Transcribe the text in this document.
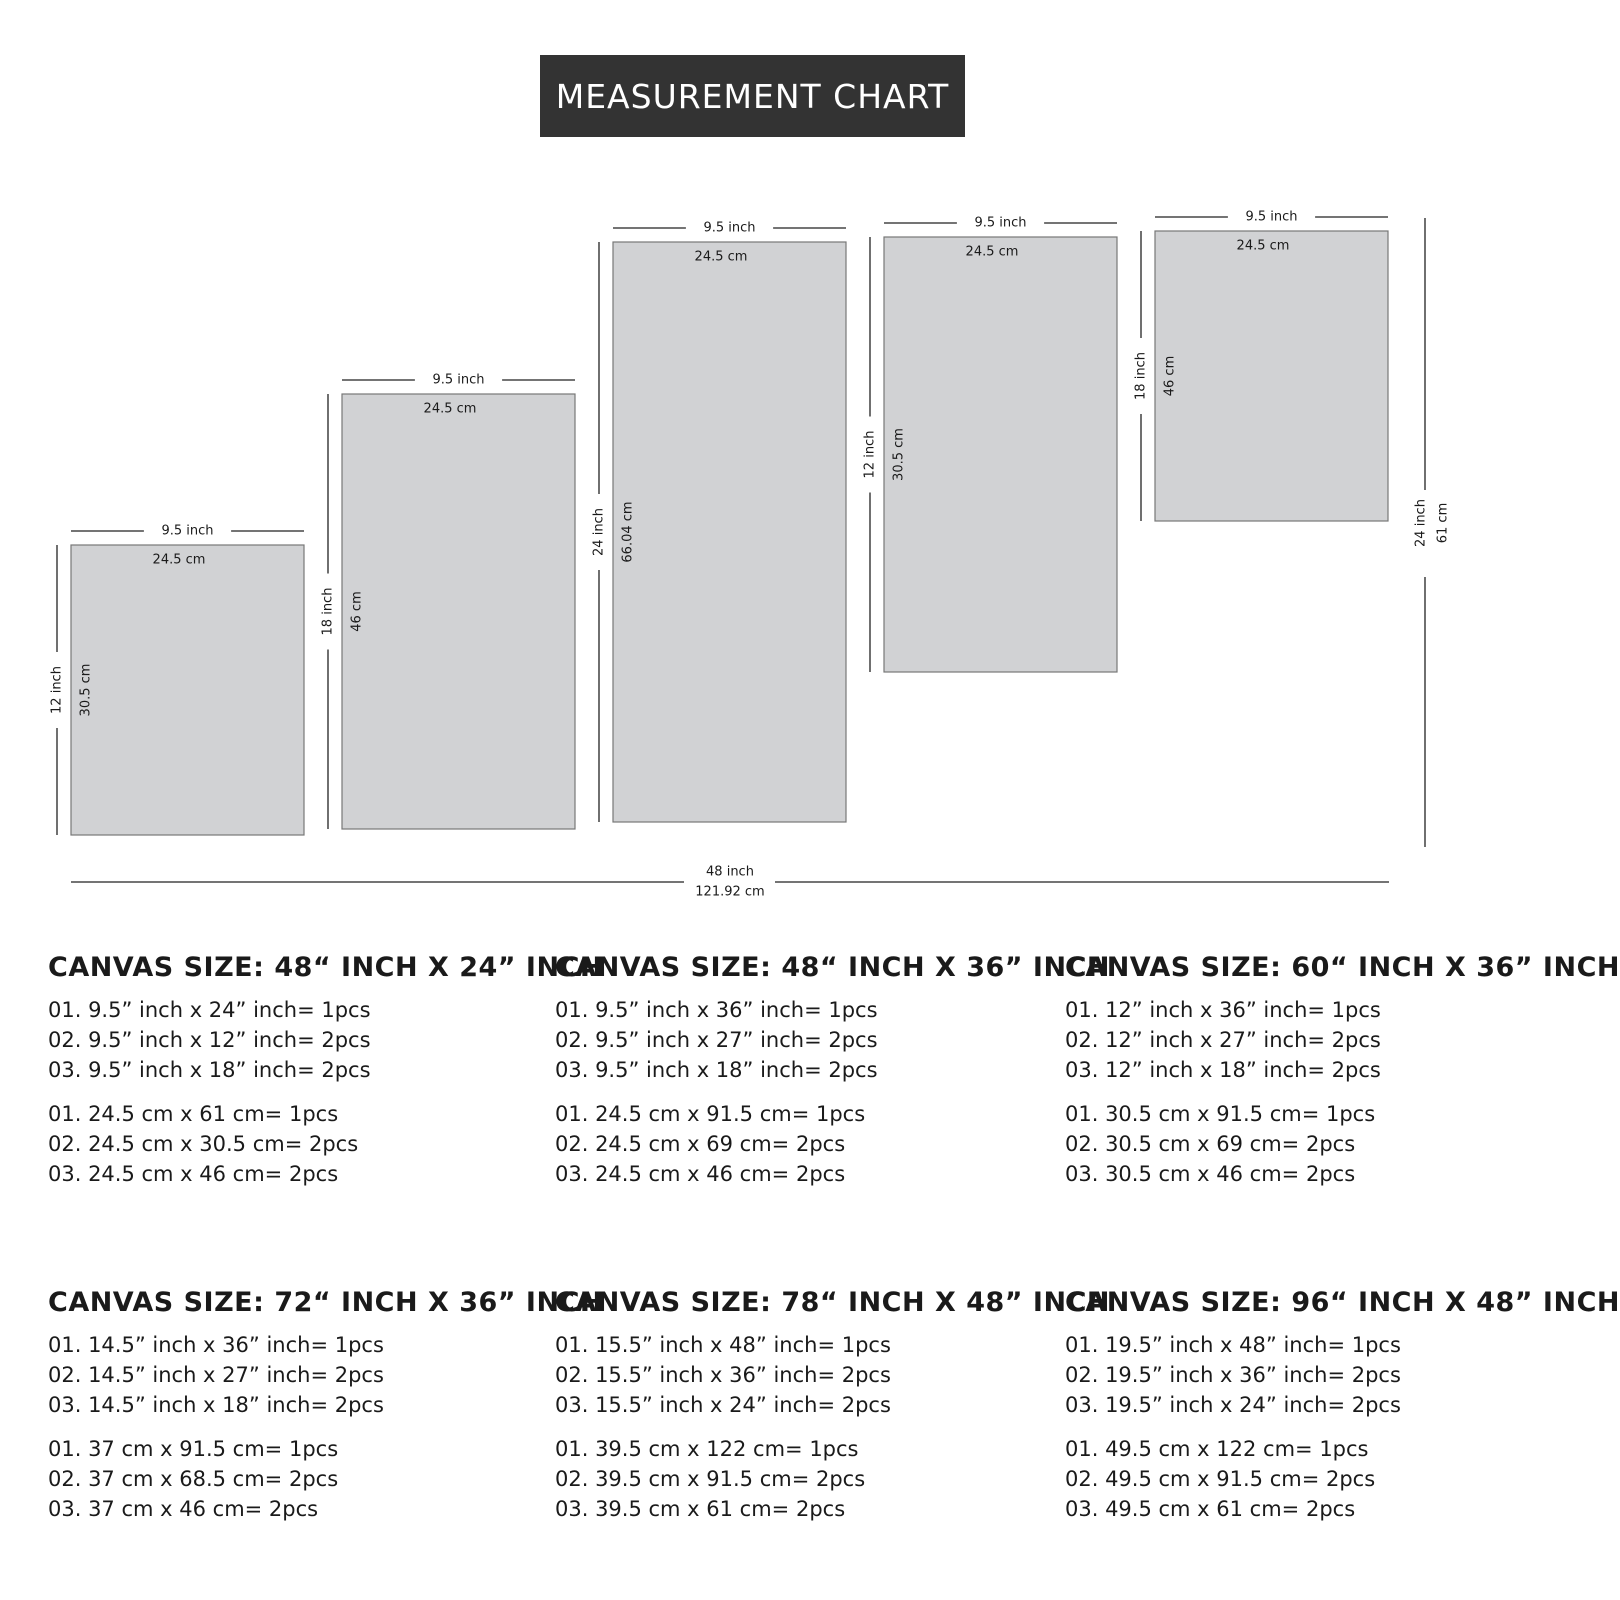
MEASUREMENT CHART
9.5 inch
24.5 cm
12 inch 30.5 cm
9.5 inch
24.5 cm
18 inch 46 cm
9.5 inch
24.5 cm
24 inch 66.04 cm
9.5 inch
24.5 cm
12 inch 30.5 cm
9.5 inch
24.5 cm
18 inch 46 cm
24 inch 61 cm
48 inch
121.92 cm
CANVAS SIZE: 48“ INCH X 24” INCH
01. 9.5” inch x 24” inch= 1pcs
02. 9.5” inch x 12” inch= 2pcs
03. 9.5” inch x 18” inch= 2pcs
01. 24.5 cm x 61 cm= 1pcs
02. 24.5 cm x 30.5 cm= 2pcs
03. 24.5 cm x 46 cm= 2pcs
CANVAS SIZE: 48“ INCH X 36” INCH
01. 9.5” inch x 36” inch= 1pcs
02. 9.5” inch x 27” inch= 2pcs
03. 9.5” inch x 18” inch= 2pcs
01. 24.5 cm x 91.5 cm= 1pcs
02. 24.5 cm x 69 cm= 2pcs
03. 24.5 cm x 46 cm= 2pcs
CANVAS SIZE: 60“ INCH X 36” INCH
01. 12” inch x 36” inch= 1pcs
02. 12” inch x 27” inch= 2pcs
03. 12” inch x 18” inch= 2pcs
01. 30.5 cm x 91.5 cm= 1pcs
02. 30.5 cm x 69 cm= 2pcs
03. 30.5 cm x 46 cm= 2pcs
CANVAS SIZE: 72“ INCH X 36” INCH
01. 14.5” inch x 36” inch= 1pcs
02. 14.5” inch x 27” inch= 2pcs
03. 14.5” inch x 18” inch= 2pcs
01. 37 cm x 91.5 cm= 1pcs
02. 37 cm x 68.5 cm= 2pcs
03. 37 cm x 46 cm= 2pcs
CANVAS SIZE: 78“ INCH X 48” INCH
01. 15.5” inch x 48” inch= 1pcs
02. 15.5” inch x 36” inch= 2pcs
03. 15.5” inch x 24” inch= 2pcs
01. 39.5 cm x 122 cm= 1pcs
02. 39.5 cm x 91.5 cm= 2pcs
03. 39.5 cm x 61 cm= 2pcs
CANVAS SIZE: 96“ INCH X 48” INCH
01. 19.5” inch x 48” inch= 1pcs
02. 19.5” inch x 36” inch= 2pcs
03. 19.5” inch x 24” inch= 2pcs
01. 49.5 cm x 122 cm= 1pcs
02. 49.5 cm x 91.5 cm= 2pcs
03. 49.5 cm x 61 cm= 2pcs
